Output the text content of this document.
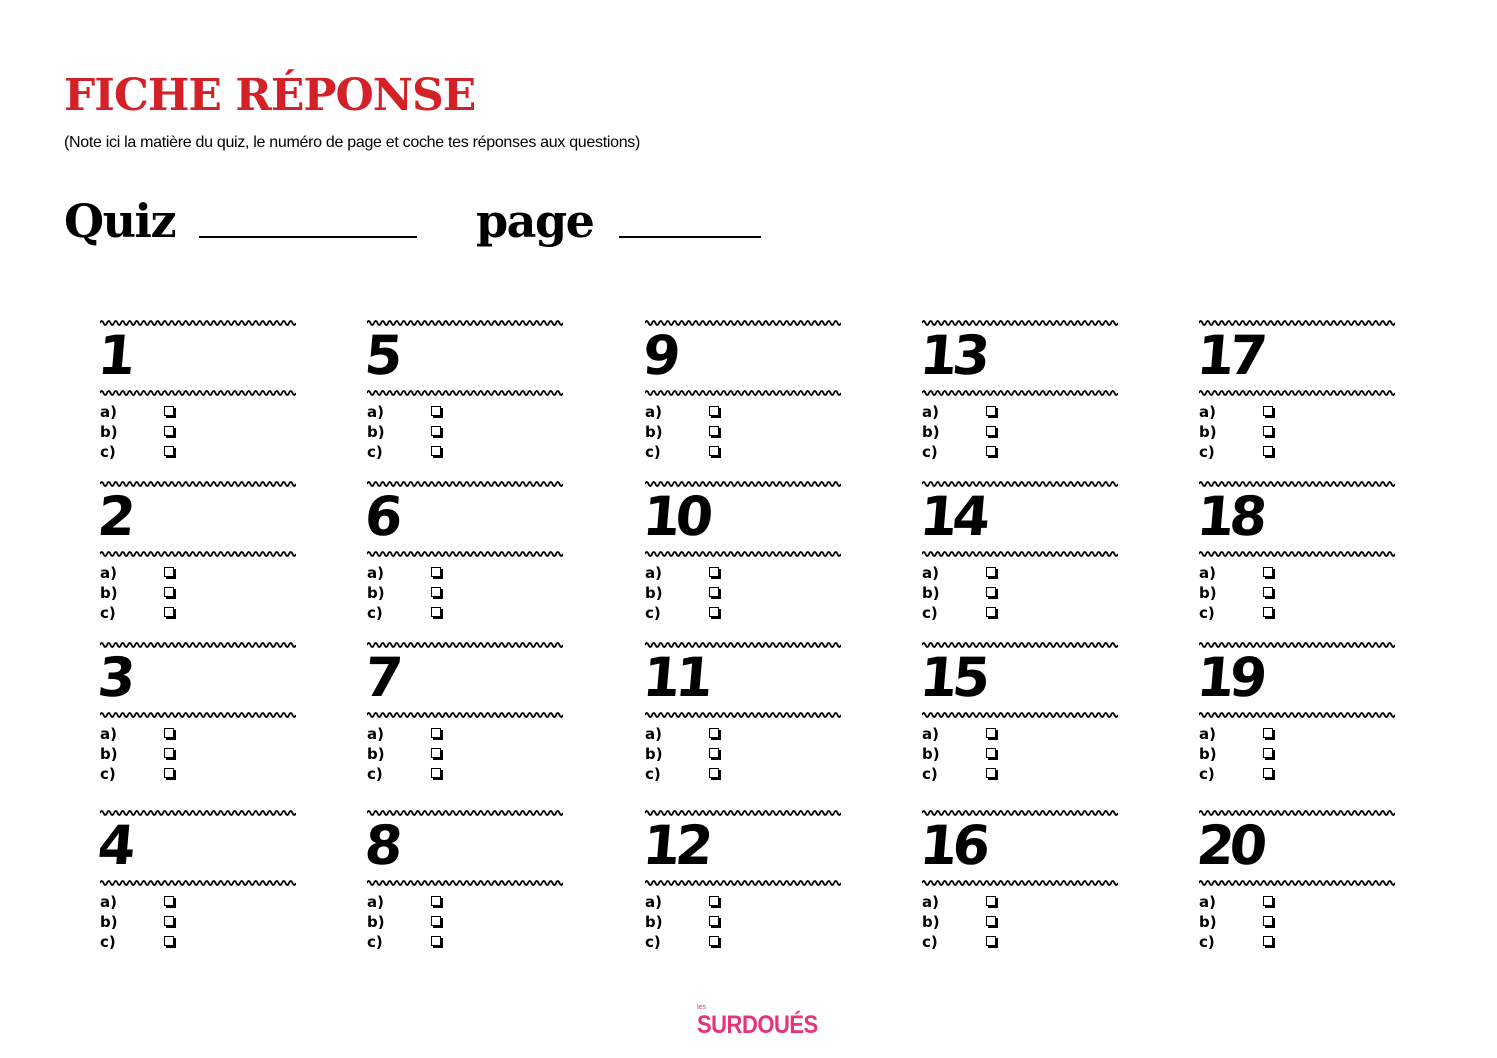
FICHE RÉPONSE
(Note ici la matière du quiz, le numéro de page et coche tes réponses aux questions)
Quiz	page
1
a)
b)
c)
2
a)
b)
c)
3
a)
b)
c)
4
a)
b)
c)
5
a)
b)
c)
6
a)
b)
c)
7
a)
b)
c)
8
a)
b)
c)
9
a)
b)
c)
10
a)
b)
c)
11
a)
b)
c)
12
a)
b)
c)
13
a)
b)
c)
14
a)
b)
c)
15
a)
b)
c)
16
a)
b)
c)
17
a)
b)
c)
18
a)
b)
c)
19
a)
b)
c)
20
a)
b)
c)
les
SURDOUÉS
